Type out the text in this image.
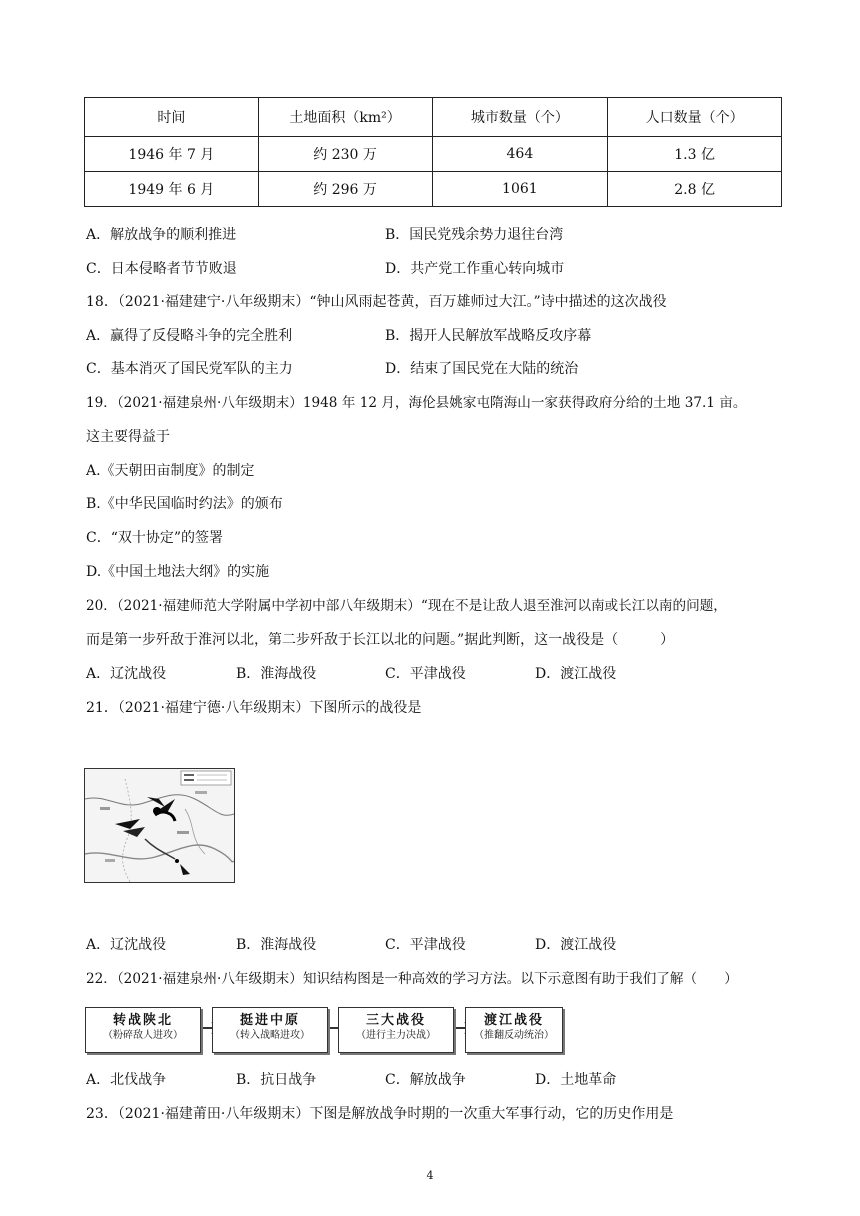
时间	土地面积（km²）	城市数量（个）	人口数量（个）
1946 年 7 月	约 230 万	464	1.3 亿
1949 年 6 月	约 296 万	1061	2.8 亿
A．解放战争的顺利推进	B．国民党残余势力退往台湾
C．日本侵略者节节败退	D．共产党工作重心转向城市
18．（2021·福建建宁·八年级期末）“钟山风雨起苍黄，百万雄师过大江。”诗中描述的这次战役
A．赢得了反侵略斗争的完全胜利	B．揭开人民解放军战略反攻序幕
C．基本消灭了国民党军队的主力	D．结束了国民党在大陆的统治
19．（2021·福建泉州·八年级期末）1948 年 12 月，海伦县姚家屯隋海山一家获得政府分给的土地 37.1 亩。
这主要得益于
A.《天朝田亩制度》的制定
B.《中华民国临时约法》的颁布
C．“双十协定”的签署
D.《中国土地法大纲》的实施
20．（2021·福建师范大学附属中学初中部八年级期末）“现在不是让敌人退至淮河以南或长江以南的问题，
而是第一步歼敌于淮河以北，第二步歼敌于长江以北的问题。”据此判断，这一战役是（　　　）
A．辽沈战役	B．淮海战役	C．平津战役	D．渡江战役
21．（2021·福建宁德·八年级期末）下图所示的战役是
A．辽沈战役	B．淮海战役	C．平津战役	D．渡江战役
22．（2021·福建泉州·八年级期末）知识结构图是一种高效的学习方法。以下示意图有助于我们了解（　　）
转战陕北
（粉碎敌人进攻）
挺进中原
（转入战略进攻）
三大战役
（进行主力决战）
渡江战役
（推翻反动统治）
A．北伐战争	B．抗日战争	C．解放战争	D．土地革命
23．（2021·福建莆田·八年级期末）下图是解放战争时期的一次重大军事行动，它的历史作用是
4
